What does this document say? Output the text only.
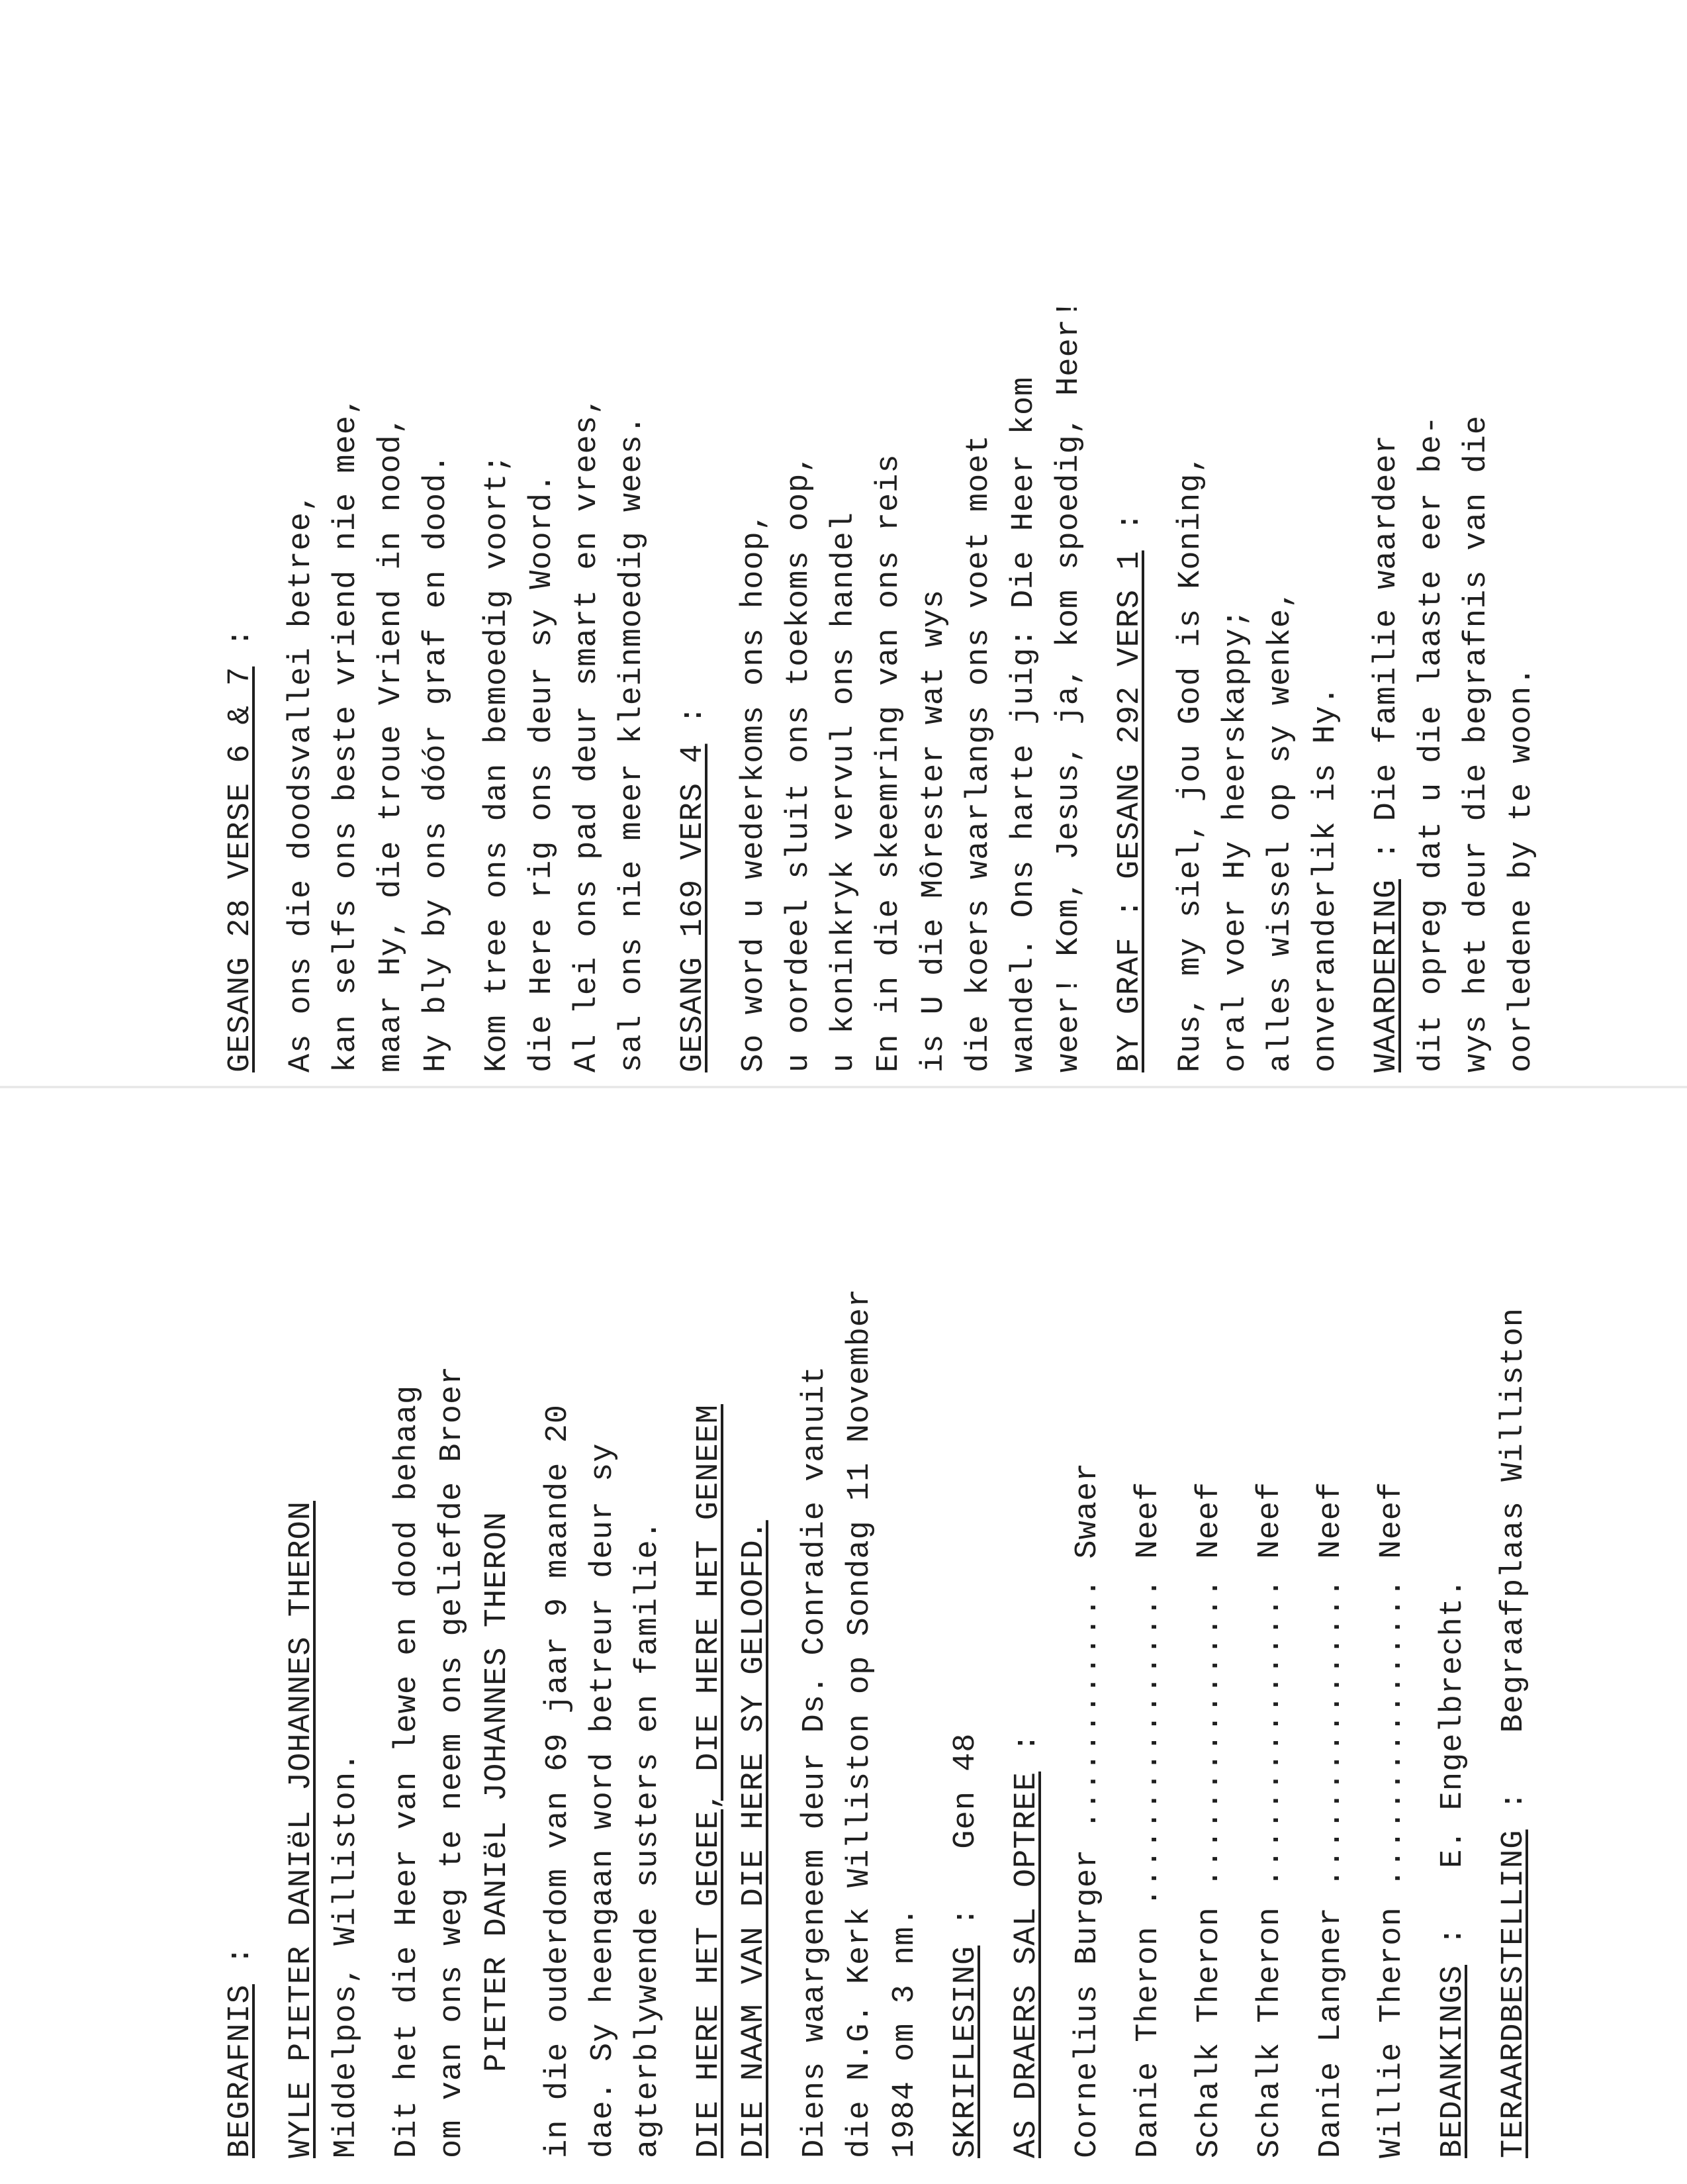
BEGRAFNIS : WYLE PIETER DANIëL JOHANNES THERON Middelpos, Williston. Dit het die Heer van lewe en dood behaag om van ons weg te neem ons geliefde Broer PIETER DANIëL JOHANNES THERON in die ouderdom van 69 jaar 9 maande 20 dae. Sy heengaan word betreur deur sy agterblywende susters en familie. DIE HERE HET GEGEE, DIE HERE HET GENEEM DIE NAAM VAN DIE HERE SY GELOOFD. Diens waargeneem deur Ds. Conradie vanuit die N.G. Kerk Williston op Sondag 11 November 1984 om 3 nm. SKRIFLESING :   Gen 48 AS DRAERS SAL OPTREE :
Cornelius Burger
.............
Swaer
Danie Theron
.................
Neef
Schalk Theron
................
Neef
Schalk Theron
................
Neef
Danie Langner
................
Neef
Willie Theron
................
Neef
BEDANKINGS :   E. Engelbrecht.
TERAARDBESTELLING :   Begraafplaas Williston
GESANG 28 VERSE 6 & 7 : As ons die doodsvallei betree, kan selfs ons beste vriend nie mee, maar Hy, die troue Vriend in nood, Hy bly by ons dóór graf en dood. Kom tree ons dan bemoedig voort; die Here rig ons deur sy Woord. Al lei ons pad deur smart en vrees, sal ons nie meer kleinmoedig wees. GESANG 169 VERS 4 : So word u wederkoms ons hoop, u oordeel sluit ons toekoms oop, u koninkryk vervul ons handel En in die skeemring van ons reis is U die Môrester wat wys die koers waarlangs ons voet moet wandel. Ons harte juig: Die Heer kom weer! Kom, Jesus, ja, kom spoedig, Heer! BY GRAF : GESANG 292 VERS 1 : Rus, my siel, jou God is Koning, oral voer Hy heerskappy; alles wissel op sy wenke, onveranderlik is Hy. WAARDERING : Die familie waardeer dit opreg dat u die laaste eer be- wys het deur die begrafnis van die oorledene by te woon.
